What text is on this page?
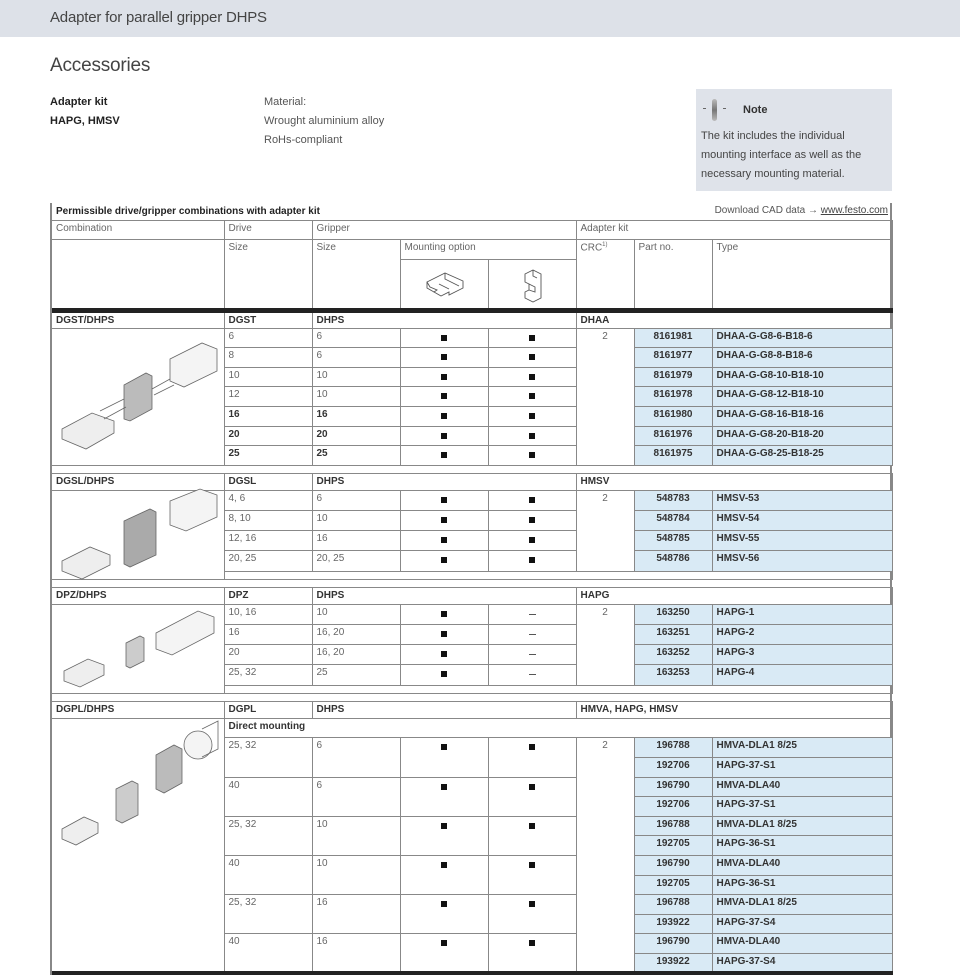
Adapter for parallel gripper DHPS
Accessories
Adapter kit
HAPG, HMSV
Material:
Wrought aluminium alloy
RoHs-compliant
Note
The kit includes the individual mounting interface as well as the necessary mounting material.
Download CAD data → www.festo.com
Permissible drive/gripper combinations with adapter kit							
Combination	Drive	Gripper			Adapter kit		
	Size	Size	Mounting option		CRC$^{1)}$	Part no.	Type

DGST/DHPS	DGST	DHPS			DHAA		

	6	6			2	8161981	DHAA-G-G8-6-B18-6
	8	6				8161977	DHAA-G-G8-8-B18-6
	10	10				8161979	DHAA-G-G8-10-B18-10
	12	10				8161978	DHAA-G-G8-12-B18-10
	16	16				8161980	DHAA-G-G8-16-B18-16
	20	20				8161976	DHAA-G-G8-20-B18-20
	25	25				8161975	DHAA-G-G8-25-B18-25

DGSL/DHPS	DGSL	DHPS			HMSV		

	4, 6	6			2	548783	HMSV-53
	8, 10	10				548784	HMSV-54
	12, 16	16				548785	HMSV-55
	20, 25	20, 25				548786	HMSV-56

DPZ/DHPS	DPZ	DHPS			HAPG		

	10, 16	10			2	163250	HAPG-1
	16	16, 20				163251	HAPG-2
	20	16, 20				163252	HAPG-3
	25, 32	25				163253	HAPG-4

DGPL/DHPS	DGPL	DHPS			HMVA, HAPG, HMSV		

	Direct mounting						
	25, 32	6			2	196788	HMVA-DLA1 8/25
						192706	HAPG-37-S1
	40	6				196790	HMVA-DLA40
						192706	HAPG-37-S1
	25, 32	10				196788	HMVA-DLA1 8/25
						192705	HAPG-36-S1
	40	10				196790	HMVA-DLA40
						192705	HAPG-36-S1
	25, 32	16				196788	HMVA-DLA1 8/25
						193922	HAPG-37-S4
	40	16				196790	HMVA-DLA40
						193922	HAPG-37-S4
